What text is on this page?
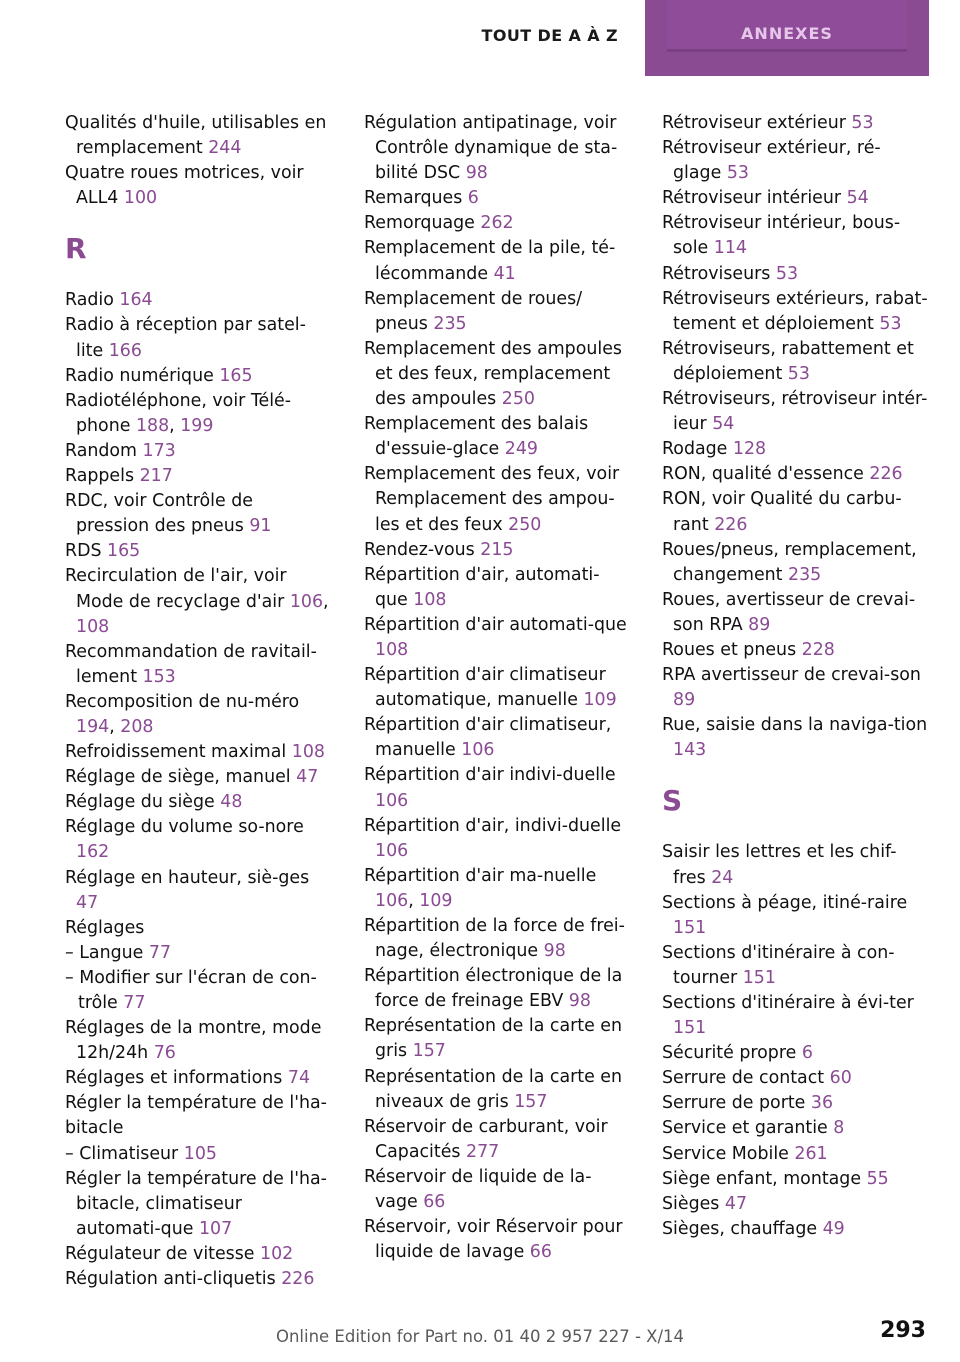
TOUT DE A À Z	ANNEXES
Qualités d'huile, utilisables en remplacement 244
Quatre roues motrices, voir ALL4 100
R
Radio 164
Radio à réception par satel-lite 166
Radio numérique 165
Radiotéléphone, voir Télé-phone 188, 199
Random 173
Rappels 217
RDC, voir Contrôle de pression des pneus 91
RDS 165
Recirculation de l'air, voir Mode de recyclage d'air 106, 108
Recommandation de ravitail-lement 153
Recomposition de nu-méro 194, 208
Refroidissement maximal 108
Réglage de siège, manuel 47
Réglage du siège 48
Réglage du volume so-nore 162
Réglage en hauteur, siè-ges 47
Réglages
– Langue 77
– Modifier sur l'écran de con-trôle 77
Réglages de la montre, mode 12h/24h 76
Réglages et informations 74
Régler la température de l'ha-bitacle
– Climatiseur 105
Régler la température de l'ha-bitacle, climatiseur automati-que 107
Régulateur de vitesse 102
Régulation anti-cliquetis 226
Régulation antipatinage, voir Contrôle dynamique de sta-bilité DSC 98
Remarques 6
Remorquage 262
Remplacement de la pile, té-lécommande 41
Remplacement de roues/ pneus 235
Remplacement des ampoules et des feux, remplacement des ampoules 250
Remplacement des balais d'essuie-glace 249
Remplacement des feux, voir Remplacement des ampou-les et des feux 250
Rendez-vous 215
Répartition d'air, automati-que 108
Répartition d'air automati-que 108
Répartition d'air climatiseur automatique, manuelle 109
Répartition d'air climatiseur, manuelle 106
Répartition d'air indivi-duelle 106
Répartition d'air, indivi-duelle 106
Répartition d'air ma-nuelle 106, 109
Répartition de la force de frei-nage, électronique 98
Répartition électronique de la force de freinage EBV 98
Représentation de la carte en gris 157
Représentation de la carte en niveaux de gris 157
Réservoir de carburant, voir Capacités 277
Réservoir de liquide de la-vage 66
Réservoir, voir Réservoir pour liquide de lavage 66
Rétroviseur extérieur 53
Rétroviseur extérieur, ré-glage 53
Rétroviseur intérieur 54
Rétroviseur intérieur, bous-sole 114
Rétroviseurs 53
Rétroviseurs extérieurs, rabat-tement et déploiement 53
Rétroviseurs, rabattement et déploiement 53
Rétroviseurs, rétroviseur intér-ieur 54
Rodage 128
RON, qualité d'essence 226
RON, voir Qualité du carbu-rant 226
Roues/pneus, remplacement, changement 235
Roues, avertisseur de crevai-son RPA 89
Roues et pneus 228
RPA avertisseur de crevai-son 89
Rue, saisie dans la naviga-tion 143
S
Saisir les lettres et les chif-fres 24
Sections à péage, itiné-raire 151
Sections d'itinéraire à con-tourner 151
Sections d'itinéraire à évi-ter 151
Sécurité propre 6
Serrure de contact 60
Serrure de porte 36
Service et garantie 8
Service Mobile 261
Siège enfant, montage 55
Sièges 47
Sièges, chauffage 49
Online Edition for Part no. 01 40 2 957 227 - X/14	293
